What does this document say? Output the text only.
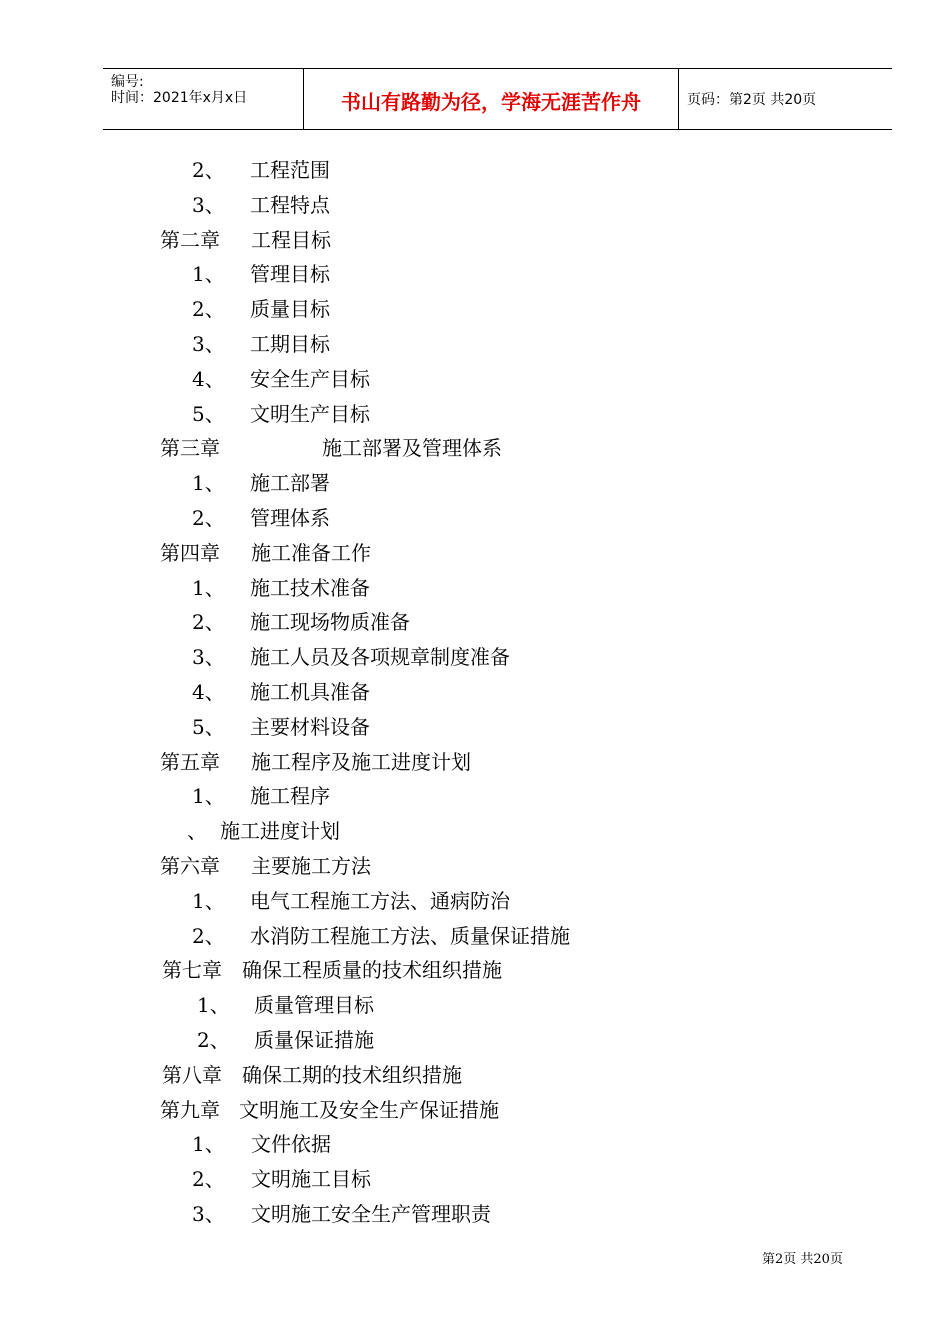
编号:
时间：2021年x月x日	书山有路勤为径，学海无涯苦作舟	页码：第2页 共20页
2、 工程范围
3、 工程特点
第二章 工程目标
1、 管理目标
2、 质量目标
3、 工期目标
4、 安全生产目标
5、 文明生产目标
第三章	施工部署及管理体系
1、 施工部署
2、 管理体系
第四章 施工准备工作
1、 施工技术准备
2、 施工现场物质准备
3、 施工人员及各项规章制度准备
4、 施工机具准备
5、 主要材料设备
第五章 施工程序及施工进度计划
1、 施工程序
、 施工进度计划
第六章 主要施工方法
1、 电气工程施工方法、通病防治
2、 水消防工程施工方法、质量保证措施
第七章 确保工程质量的技术组织措施
1、 质量管理目标
2、 质量保证措施
第八章 确保工期的技术组织措施
第九章 文明施工及安全生产保证措施
1、 文件依据
2、 文明施工目标
3、 文明施工安全生产管理职责
第2页 共20页
